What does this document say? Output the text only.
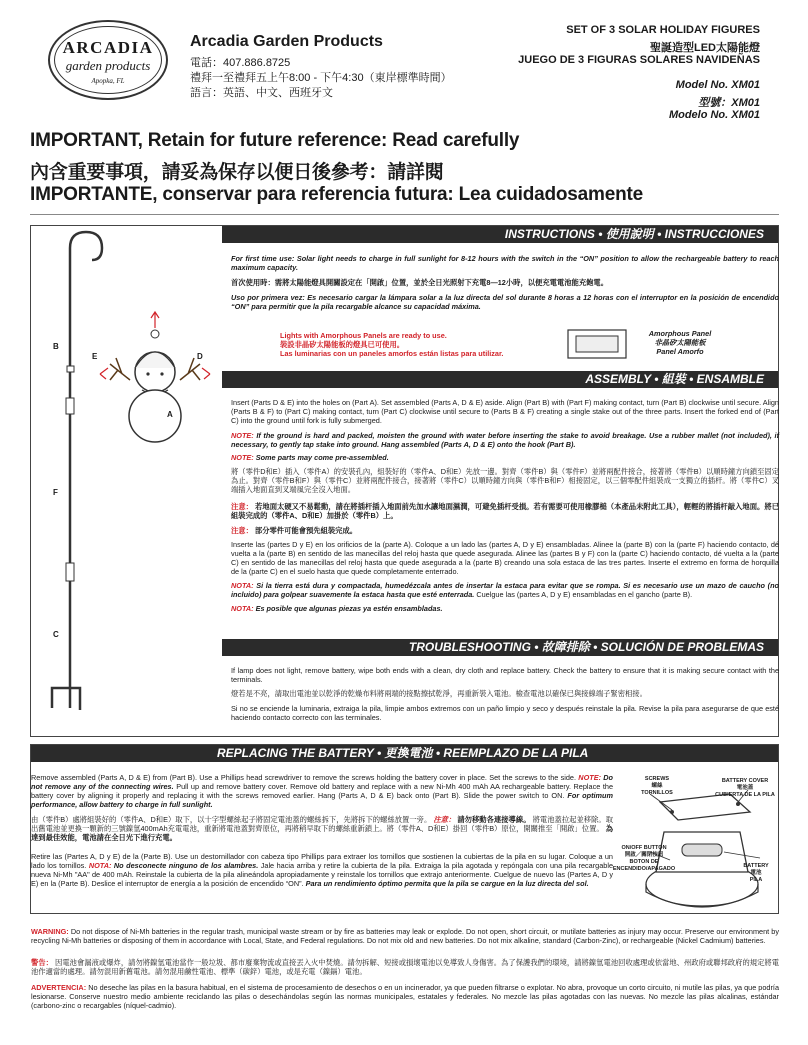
ARCADIA
garden products
Apopka, FL
Arcadia Garden Products
電話：407.886.8725
禮拜一至禮拜五上午8:00 - 下午4:30（東岸標準時間）
語言：英語、中文、西班牙文
SET OF 3 SOLAR HOLIDAY FIGURES
聖誕造型LED太陽能燈
JUEGO DE 3 FIGURAS SOLARES NAVIDEÑAS
Model No. XM01
型號：XM01
Modelo No. XM01
IMPORTANT, Retain for future reference: Read carefully
內含重要事項，請妥為保存以便日後參考：請詳閱
IMPORTANTE, conservar para referencia futura: Lea cuidadosamente
B
E	D
A
F
C
INSTRUCTIONS • 使用說明 • INSTRUCCIONES
For first time use: Solar light needs to charge in full sunlight for 8-12 hours with the switch in the “ON” position to allow the rechargeable battery to reach maximum capacity.
首次使用時：需將太陽能燈具開關設定在「開啟」位置，並於全日光照射下充電8—12小時，以便充電電池能充飽電。
Uso por primera vez: Es necesario cargar la lámpara solar a la luz directa del sol durante 8 horas a 12 horas con el interruptor en la posición de encendido “ON” para permitir que la pila recargable alcance su capacidad máxima.
Lights with Amorphous Panels are ready to use.
裝設非晶矽太陽能板的燈具已可使用。
Las luminarias con un paneles amorfos están listas para utilizar.
Amorphous Panel
非晶矽太陽能板
Panel Amorfo
ASSEMBLY • 組裝 • ENSAMBLE
Insert (Parts D & E) into the holes on (Part A). Set assembled (Parts A, D & E) aside. Align (Part B) with (Part F) making contact, turn (Part B) clockwise until secure. Align (Parts B & F) to (Part C) making contact, turn (Part C) clockwise until secure to (Parts B & F) creating a single stake out of the three parts. Insert the forked end of (Part C) into the ground until fork is fully submerged.
NOTE: If the ground is hard and packed, moisten the ground with water before inserting the stake to avoid breakage. Use a rubber mallet (not included), if necessary, to gently tap stake into ground. Hang assembled (Parts A, D & E) onto the hook (Part B).
NOTE: Some parts may come pre-assembled.
將（零件D和E）插入（零件A）的安裝孔內，組裝好的（零件A、D和E）先放一邊。對齊（零件B）與（零件F）並將兩配件接合，接著將（零件B）以順時鐘方向鎖至固定為止。對齊（零件B和F）與（零件C）並將兩配件接合，接著將（零件C）以順時鐘方向與（零件B和F）相接固定，以三個零配件組裝成一支獨立的插杆。將（零件C）叉端插入地面直到叉端風完全沒入地面。
注意： 若地面太硬又不易鬆動，請在將插杆插入地面前先加水讓地面濕潤，可避免插杆受損。若有需要可使用橡膠槌（本產品未附此工具），輕輕的將插杆敲入地面。將已組裝完成的（零件A、D和E）加掛於（零件B）上。
注意： 部分零件可能會預先組裝完成。
Inserte las (partes D y E) en los orificios de la (parte A). Coloque a un lado las (partes A, D y E) ensambladas. Alinee la (parte B) con la (parte F) haciendo contacto, dé vuelta a la (parte B) en sentido de las manecillas del reloj hasta que quede asegurada. Alinee las (partes B y F) con la (parte C) haciendo contacto, dé vuelta a la (parte C) en sentido de las manecillas del reloj hasta que quede asegurada a la (parte B) creando una sola estaca de las tres partes. Inserte el extremo en forma de horquilla de la (parte C) en el suelo hasta que quede completamente enterrado.
NOTA: Si la tierra está dura y compactada, humedézcala antes de insertar la estaca para evitar que se rompa. Si es necesario use un mazo de caucho (no incluido) para golpear suavemente la estaca hasta que esté enterrada. Cuelgue las (partes A, D y E) ensambladas en el gancho (parte B).
NOTA: Es posible que algunas piezas ya estén ensambladas.
TROUBLESHOOTING • 故障排除 • SOLUCIÓN DE PROBLEMAS
If lamp does not light, remove battery, wipe both ends with a clean, dry cloth and replace battery. Check the battery to ensure that it is making secure contact with the terminals.
燈若是不亮，請取出電池並以乾淨的乾燥布料將兩端的接點擦拭乾淨，再重新裝入電池。檢查電池以確保已與接線端子緊密相接。
Si no se enciende la luminaria, extraiga la pila, limpie ambos extremos con un paño limpio y seco y después reinstale la pila. Revise la pila para asegurarse de que esté haciendo contacto correcto con las terminales.
REPLACING THE BATTERY • 更換電池 • REEMPLAZO DE LA PILA
Remove assembled (Parts A, D & E) from (Part B). Use a Phillips head screwdriver to remove the screws holding the battery cover in place. Set the screws to the side. NOTE: Do not remove any of the connecting wires. Pull up and remove battery cover. Remove old battery and replace with a new Ni-Mh 400 mAh AA rechargeable battery. Replace the battery cover by aligning it properly and replacing it with the screws removed earlier. Hang (Parts A, D & E) back onto (Part B). Slide the power switch to ON. For optimum performance, allow battery to charge in full sunlight.
由（零件B）處將組裝好的（零件A、D和E）取下，以十字型螺絲起子將固定電池蓋的螺絲拆下，先將拆下的螺絲放置一旁。 注意： 請勿移動各連接導線。 將電池蓋拉起並移除。取出舊電池並更換一顆新的三號鎳氫400mAh充電電池，重新將電池蓋對齊原位，再將稍早取下的螺絲重新鎖上。將（零件A、D和E）掛回（零件B）原位，開關推至「開啟」位置。 為達到最佳效能，電池請在全日光下進行充電。
Retire las (Partes A, D y E) de la (Parte B). Use un destornillador con cabeza tipo Phillips para extraer los tornillos que sostienen la cubiertas de la pila en su lugar. Coloque a un lado los tornillos. NOTA: No desconecte ninguno de los alambres. Jale hacia arriba y retire la cubierta de la pila. Extraiga la pila agotada y repóngala con una pila recargable nueva Ni-Mh "AA" de 400 mAh. Reinstale la cubierta de la pila alineándola apropiadamente y reinstale los tornillos que extrajo anteriormente. Cuelgue de nuevo las (Partes A, D y E) en la (Parte B). Deslice el interruptor de energía a la posición de encendido “ON”. Para un rendimiento óptimo permita que la pila se cargue en la luz directa del sol.
SCREWS
螺絲
TORNILLOS
BATTERY COVER
電池蓋
CUBIERTA DE LA PILA
ON/OFF BUTTON
開啟／關閉按鈕
BOTON DE
ENCENDIDO/APAGADO	BATTERY
電池
PILA
WARNING: Do not dispose of Ni-Mh batteries in the regular trash, municipal waste stream or by fire as batteries may leak or explode. Do not open, short circuit, or mutilate batteries as injury may occur. Preserve our environment by recycling Ni-Mh batteries or disposing of them in accordance with Local, State, and Federal regulations. Do not mix old and new batteries. Do not mix alkaline, standard (Carbon-Zinc), or rechargeable (Nickel Cadmium) batteries.
警告： 因電池會漏液或爆炸，請勿將鎳氫電池當作一般垃圾、都市廢棄物流或直接丟入火中焚燒。請勿拆解、短接或損壞電池以免導致人身傷害。為了保護我們的環境，請將鎳氫電池回收處理或依當地、州政府或聯邦政府的規定將電池作適當的處理。請勿混用新舊電池。請勿混用鹼性電池、標準（碳鋅）電池，或是充電（鎳鎘）電池。
ADVERTENCIA: No deseche las pilas en la basura habitual, en el sistema de procesamiento de desechos o en un incinerador, ya que pueden filtrarse o explotar. No abra, provoque un corto circuito, ni mutile las pilas, ya que podría lesionarse. Conserve nuestro medio ambiente reciclando las pilas o desechándolas según las normas municipales, estatales y federales. No mezcle las pilas agotadas con las nuevas. No mezcle las pilas alcalinas, estándar (carbono-zinc o recargables (níquel-cadmio).
